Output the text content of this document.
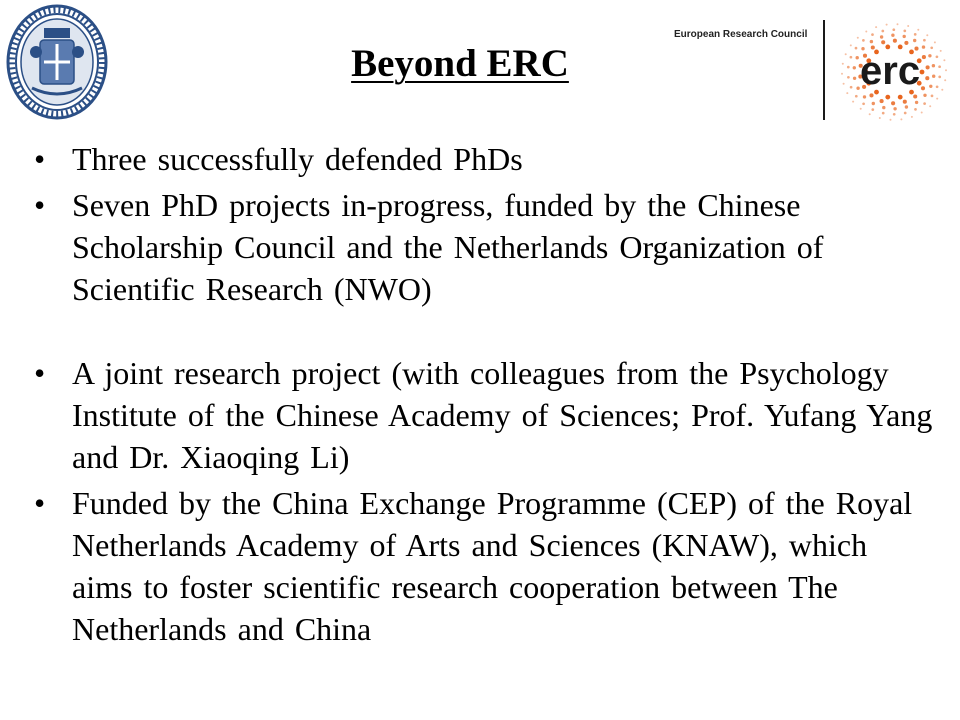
Beyond ERC
European Research Council
erc
• Three successfully defended PhDs
• Seven PhD projects in-progress, funded by the Chinese Scholarship Council and the Netherlands Organization of Scientific Research (NWO)
• A joint research project (with colleagues from the Psychology Institute of the Chinese Academy of Sciences; Prof. Yufang Yang and Dr. Xiaoqing Li)
• Funded by the China Exchange Programme (CEP) of the Royal Netherlands Academy of Arts and Sciences (KNAW), which aims to foster scientific research cooperation between The Netherlands and China
